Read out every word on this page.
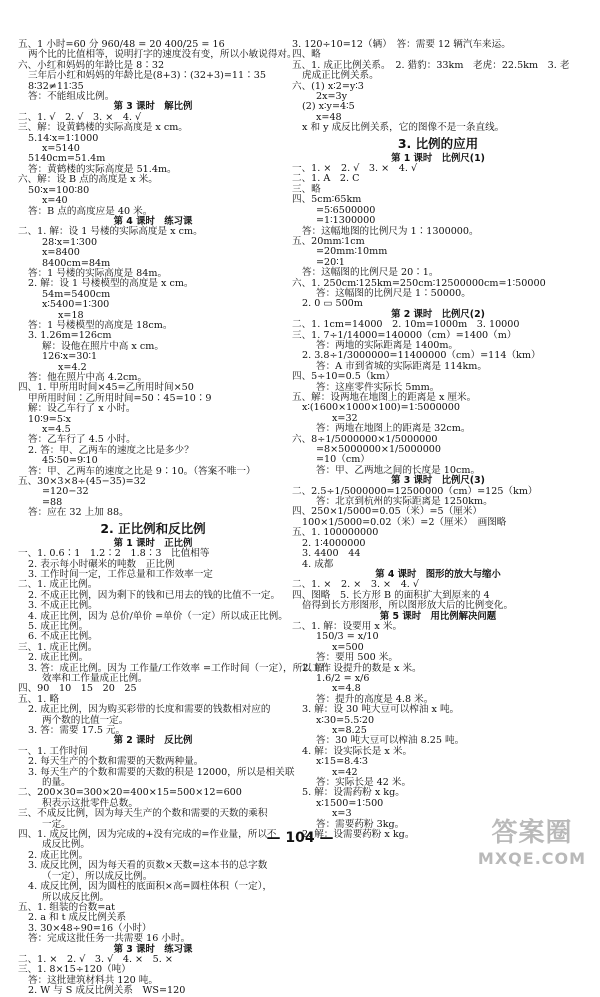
五、1 小时=60 分 960/48 = 20 400/25 = 16
两个比的比值相等，说明打字的速度没有变，所以小敏说得对。
六、小红和妈妈的年龄比是 8∶32
三年后小红和妈妈的年龄比是(8+3)∶(32+3)=11∶35
8∶32≠11∶35
答：不能组成比例。
第 3 课时　解比例
二、1. √　2. √　3. ×　4. √
三、解：设黄鹤楼的实际高度是 x cm。
5.14∶x=1∶1000
x=5140
5140cm=51.4m
答：黄鹤楼的实际高度是 51.4m。
六、解：设 B 点的高度是 x 米。
50∶x=100∶80
x=40
答：B 点的高度应是 40 米。
第 4 课时　练习课
二、1. 解：设 1 号楼的实际高度是 x cm。
28∶x=1∶300
x=8400
8400cm=84m
答：1 号楼的实际高度是 84m。
2. 解：设 1 号楼模型的高度是 x cm。
54m=5400cm
x∶5400=1∶300
x=18
答：1 号楼模型的高度是 18cm。
3. 1.26m=126cm
解：设他在照片中高 x cm。
126∶x=30∶1
x=4.2
答：他在照片中高 4.2cm。
四、1. 甲所用时间×45=乙所用时间×50
甲所用时间∶乙所用时间=50∶45=10∶9
解：设乙车行了 x 小时。
10∶9=5∶x
x=4.5
答：乙车行了 4.5 小时。
2. 答：甲、乙两车的速度之比是多少？
45∶50=9∶10
答：甲、乙两车的速度之比是 9∶10。（答案不唯一）
五、30×3×8÷(45−35)=32
=120−32
=88
答：应在 32 上加 88。
2. 正比例和反比例
第 1 课时　正比例
一、1. 0.6∶1　1.2∶2　1.8∶3　比值相等
2. 表示每小时碾米的吨数　正比例
3. 工作时间一定，工作总量和工作效率一定
二、1. 成正比例。
2. 不成正比例，因为剩下的钱和已用去的钱的比值不一定。
3. 不成正比例。
4. 成正比例，因为 总价/单价 =单价（一定）所以成正比例。
5. 成正比例。
6. 不成正比例。
三、1. 成正比例。
2. 成正比例。
3. 答：成正比例。因为 工作量/工作效率 =工作时间（一定），所以工作
效率和工作量成正比例。
四、90　10　15　20　25
五、1. 略
2. 成正比例，因为购买彩带的长度和需要的钱数相对应的
两个数的比值一定。
3. 答：需要 17.5 元。
第 2 课时　反比例
一、1. 工作时间
2. 每天生产的个数和需要的天数两种量。
3. 每天生产的个数和需要的天数的积是 12000，所以是相关联
的量。
二、200×30=300×20=400×15=500×12=600
积表示这批零件总数。
三、不成反比例，因为每天生产的个数和需要的天数的乘积
一定。
四、1. 成反比例，因为完成的+没有完成的=作业量，所以不
成反比例。
2. 成正比例。
3. 成反比例，因为每天看的页数×天数=这本书的总字数
（一定），所以成反比例。
4. 成反比例，因为圆柱的底面积×高=圆柱体积（一定），
所以成反比例。
五、1. 组装的台数=at
2. a 和 t 成反比例关系
3. 30×48÷90=16（小时）
答：完成这批任务一共需要 16 小时。
第 3 课时　练习课
二、1. ×　2. √　3. √　4. ×　5. ×
三、1. 8×15÷120（吨）
答：这批建筑材料共 120 吨。
2. W 与 S 成反比例关系　WS=120
3. 120÷10=12（辆）　答：需要 12 辆汽车来运。
四、略
五、1. 成正比例关系。　2. 猎豹：33km　老虎：22.5km　3. 老
虎成正比例关系。
六、(1) x∶2=y∶3
2x=3y
(2) x∶y=4∶5
x=48
x 和 y 成反比例关系，它的图像不是一条直线。
3. 比例的应用
第 1 课时　比例尺(1)
一、1. ×　2. √　3. ×　4. √
二、1. A　2. C
三、略
四、5cm∶65km
=5∶6500000
=1∶1300000
答：这幅地图的比例尺为 1∶1300000。
五、20mm∶1cm
=20mm∶10mm
=20∶1
答：这幅图的比例尺是 20∶1。
六、1. 250cm∶125km=250cm∶12500000cm=1∶50000
答：这幅图的比例尺是 1∶50000。
2. 0 ▭ 500m
第 2 课时　比例尺(2)
二、1. 1cm=14000　2. 10m=1000m　3. 10000
三、1. 7÷1/14000=140000（cm）=1400（m）
答：两地的实际距离是 1400m。
2. 3.8÷1/3000000=11400000（cm）=114（km）
答：A 市到省城的实际距离是 114km。
四、5÷10=0.5（km）
答：这座零件实际长 5mm。
五、解：设两地在地图上的距离是 x 厘米。
x∶(1600×1000×100)=1∶5000000
x=32
答：两地在地图上的距离是 32cm。
六、8÷1/5000000×1/5000000
=8×5000000×1/5000000
=10（cm）
答：甲、乙两地之间的长度是 10cm。
第 3 课时　比例尺(3)
二、2.5÷1/5000000=12500000（cm）=125（km）
答：北京到杭州的实际距离是 1250km。
四、250×1/5000=0.05（米）=5（厘米）
100×1/5000=0.02（米）=2（厘米）　画图略
五、1. 100000000
2. 1∶4000000
3. 4400　44
4. 成都
第 4 课时　图形的放大与缩小
二、1. ×　2. ×　3. ×　4. √
四、图略　5. 长方形 B 的面积扩大到原来的 4
倍得到长方形图形，所以图形放大后的比例变化。
第 5 课时　用比例解决问题
二、1. 解：设要用 x 米。
150/3 = x/10
x=500
答：要用 500 米。
2. 解：设提升的数是 x 米。
1.6/2 = x/6
x=4.8
答：提升的高度是 4.8 米。
3. 解：设 30 吨大豆可以榨油 x 吨。
x∶30=5.5∶20
x=8.25
答：30 吨大豆可以榨油 8.25 吨。
4. 解：设实际长是 x 米。
x∶15=8.4∶3
x=42
答：实际长是 42 米。
5. 解：设需药粉 x kg。
x∶1500=1∶500
x=3
答：需要药粉 3kg。
2. 解：设需要药粉 x kg。
— 104 —	答案圈
MXQE.COM
